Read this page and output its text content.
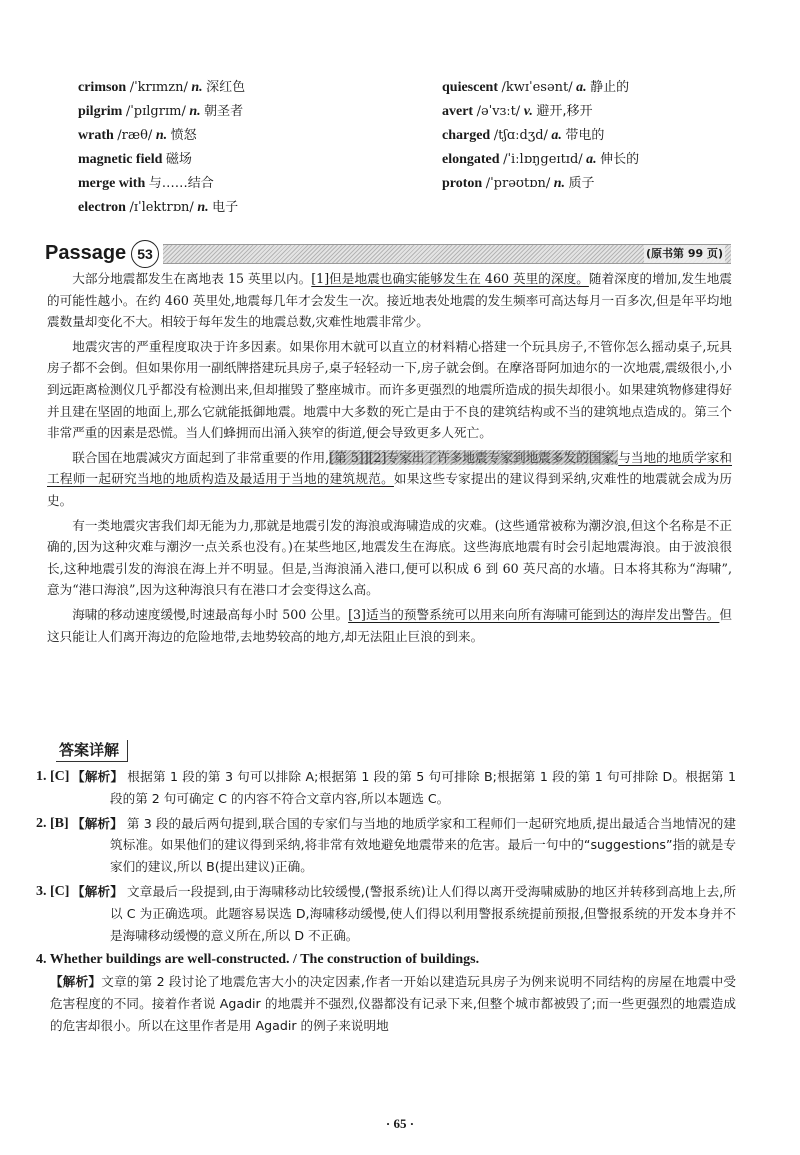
crimson /ˈkrɪmzn/ n. 深红色
pilgrim /ˈpɪlgrɪm/ n. 朝圣者
wrath /ræθ/ n. 愤怒
magnetic field 磁场
merge with 与……结合
electron /ɪˈlektrɒn/ n. 电子
quiescent /kwɪˈesənt/ a. 静止的
avert /əˈvɜːt/ v. 避开,移开
charged /tʃɑːdʒd/ a. 带电的
elongated /ˈiːlɒŋgeɪtɪd/ a. 伸长的
proton /ˈprəʊtɒn/ n. 质子
(原书第 99 页)
Passage 53

大部分地震都发生在离地表 15 英里以内。[1]但是地震也确实能够发生在 460 英里的深度。随着深度的增加,发生地震的可能性越小。在约 460 英里处,地震每几年才会发生一次。接近地表处地震的发生频率可高达每月一百多次,但是年平均地震数量却变化不大。相较于每年发生的地震总数,灾难性地震非常少。

地震灾害的严重程度取决于许多因素。如果你用木就可以直立的材料精心搭建一个玩具房子,不管你怎么摇动桌子,玩具房子都不会倒。但如果你用一副纸牌搭建玩具房子,桌子轻轻动一下,房子就会倒。在摩洛哥阿加迪尔的一次地震,震级很小,小到远距离检测仪几乎都没有检测出来,但却摧毁了整座城市。而许多更强烈的地震所造成的损失却很小。如果建筑物修建得好并且建在坚固的地面上,那么它就能抵御地震。地震中大多数的死亡是由于不良的建筑结构或不当的建筑地点造成的。第三个非常严重的因素是恐慌。当人们蜂拥而出涌入狭窄的街道,便会导致更多人死亡。

联合国在地震减灾方面起到了非常重要的作用,[第 5]][2]专家出了许多地震专家到地震多发的国家,与当地的地质学家和工程师一起研究当地的地质构造及最适用于当地的建筑规范。如果这些专家提出的建议得到采纳,灾难性的地震就会成为历史。

有一类地震灾害我们却无能为力,那就是地震引发的海浪或海啸造成的灾难。(这些通常被称为潮汐浪,但这个名称是不正确的,因为这种灾难与潮汐一点关系也没有。)在某些地区,地震发生在海底。这些海底地震有时会引起地震海浪。由于波浪很长,这种地震引发的海浪在海上并不明显。但是,当海浪涌入港口,便可以积成 6 到 60 英尺高的水墙。日本将其称为“海啸”,意为“港口海浪”,因为这种海浪只有在港口才会变得这么高。

海啸的移动速度缓慢,时速最高每小时 500 公里。[3]适当的预警系统可以用来向所有海啸可能到达的海岸发出警告。但这只能让人们离开海边的危险地带,去地势较高的地方,却无法阻止巨浪的到来。

答案详解
1. [C] 【解析】 根据第 1 段的第 3 句可以排除 A;根据第 1 段的第 5 句可排除 B;根据第 1 段的第 1 句可排除 D。根据第 1 段的第 2 句可确定 C 的内容不符合文章内容,所以本题选 C。
2. [B] 【解析】 第 3 段的最后两句提到,联合国的专家们与当地的地质学家和工程师们一起研究地质,提出最适合当地情况的建筑标准。如果他们的建议得到采纳,将非常有效地避免地震带来的危害。最后一句中的“suggestions”指的就是专家们的建议,所以 B(提出建议)正确。
3. [C] 【解析】 文章最后一段提到,由于海啸移动比较缓慢,(警报系统)让人们得以离开受海啸威胁的地区并转移到高地上去,所以 C 为正确选项。此题容易误选 D,海啸移动缓慢,使人们得以利用警报系统提前预报,但警报系统的开发本身并不是海啸移动缓慢的意义所在,所以 D 不正确。
4. Whether buildings are well-constructed. / The construction of buildings.
【解析】文章的第 2 段讨论了地震危害大小的决定因素,作者一开始以建造玩具房子为例来说明不同结构的房屋在地震中受危害程度的不同。接着作者说 Agadir 的地震并不强烈,仪器都没有记录下来,但整个城市都被毁了;而一些更强烈的地震造成的危害却很小。所以在这里作者是用 Agadir 的例子来说明地
· 65 ·
